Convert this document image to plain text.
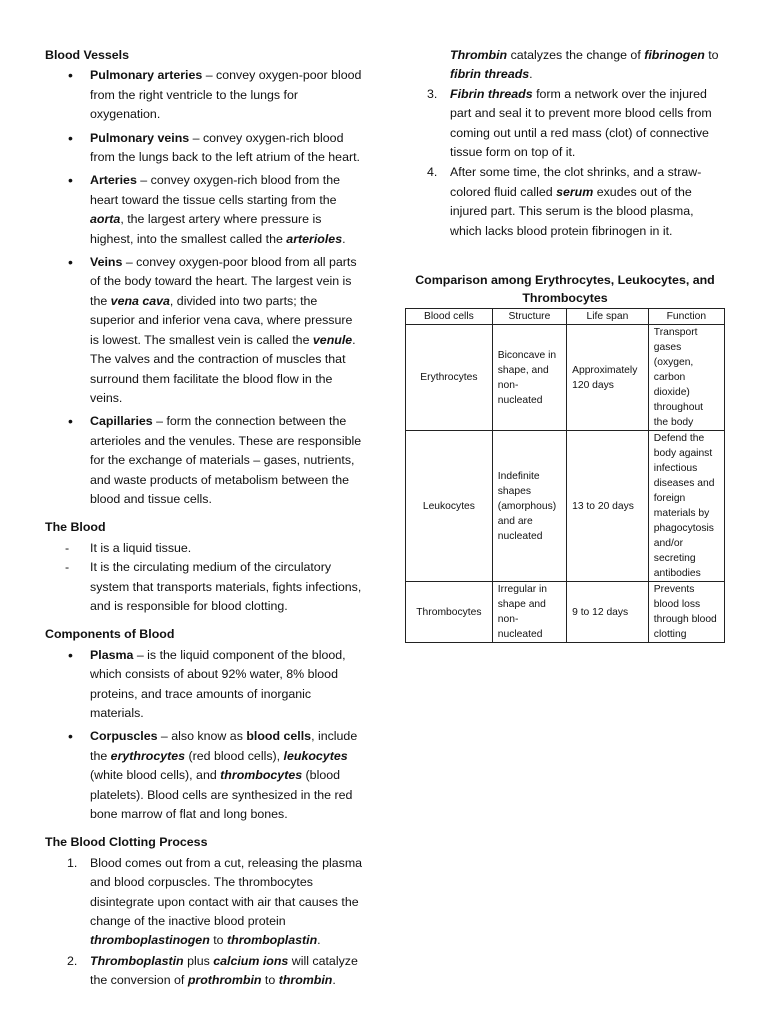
Blood Vessels
• Pulmonary arteries – convey oxygen-poor blood from the right ventricle to the lungs for oxygenation.
• Pulmonary veins – convey oxygen-rich blood from the lungs back to the left atrium of the heart.
• Arteries – convey oxygen-rich blood from the heart toward the tissue cells starting from the aorta, the largest artery where pressure is highest, into the smallest called the arterioles.
• Veins – convey oxygen-poor blood from all parts of the body toward the heart. The largest vein is the vena cava, divided into two parts; the superior and inferior vena cava, where pressure is lowest. The smallest vein is called the venule. The valves and the contraction of muscles that surround them facilitate the blood flow in the veins.
• Capillaries – form the connection between the arterioles and the venules. These are responsible for the exchange of materials – gases, nutrients, and waste products of metabolism between the blood and tissue cells.
The Blood
- It is a liquid tissue.
- It is the circulating medium of the circulatory system that transports materials, fights infections, and is responsible for blood clotting.
Components of Blood
• Plasma – is the liquid component of the blood, which consists of about 92% water, 8% blood proteins, and trace amounts of inorganic materials.
• Corpuscles – also know as blood cells, include the erythrocytes (red blood cells), leukocytes (white blood cells), and thrombocytes (blood platelets). Blood cells are synthesized in the red bone marrow of flat and long bones.
The Blood Clotting Process
1. Blood comes out from a cut, releasing the plasma and blood corpuscles. The thrombocytes disintegrate upon contact with air that causes the change of the inactive blood protein thromboplastinogen to thromboplastin.
2. Thromboplastin plus calcium ions will catalyze the conversion of prothrombin to thrombin.
Thrombin catalyzes the change of fibrinogen to fibrin threads.
3. Fibrin threads form a network over the injured part and seal it to prevent more blood cells from coming out until a red mass (clot) of connective tissue form on top of it.
4. After some time, the clot shrinks, and a straw-colored fluid called serum exudes out of the injured part. This serum is the blood plasma, which lacks blood protein fibrinogen in it.
Comparison among Erythrocytes, Leukocytes, and Thrombocytes
Blood cells	Structure	Life span	Function
Erythrocytes	Biconcave in shape, and non-nucleated	Approximately 120 days	Transport gases (oxygen, carbon dioxide) throughout the body
Leukocytes	Indefinite shapes (amorphous) and are nucleated	13 to 20 days	Defend the body against infectious diseases and foreign materials by phagocytosis and/or secreting antibodies
Thrombocytes	Irregular in shape and non-nucleated	9 to 12 days	Prevents blood loss through blood clotting
